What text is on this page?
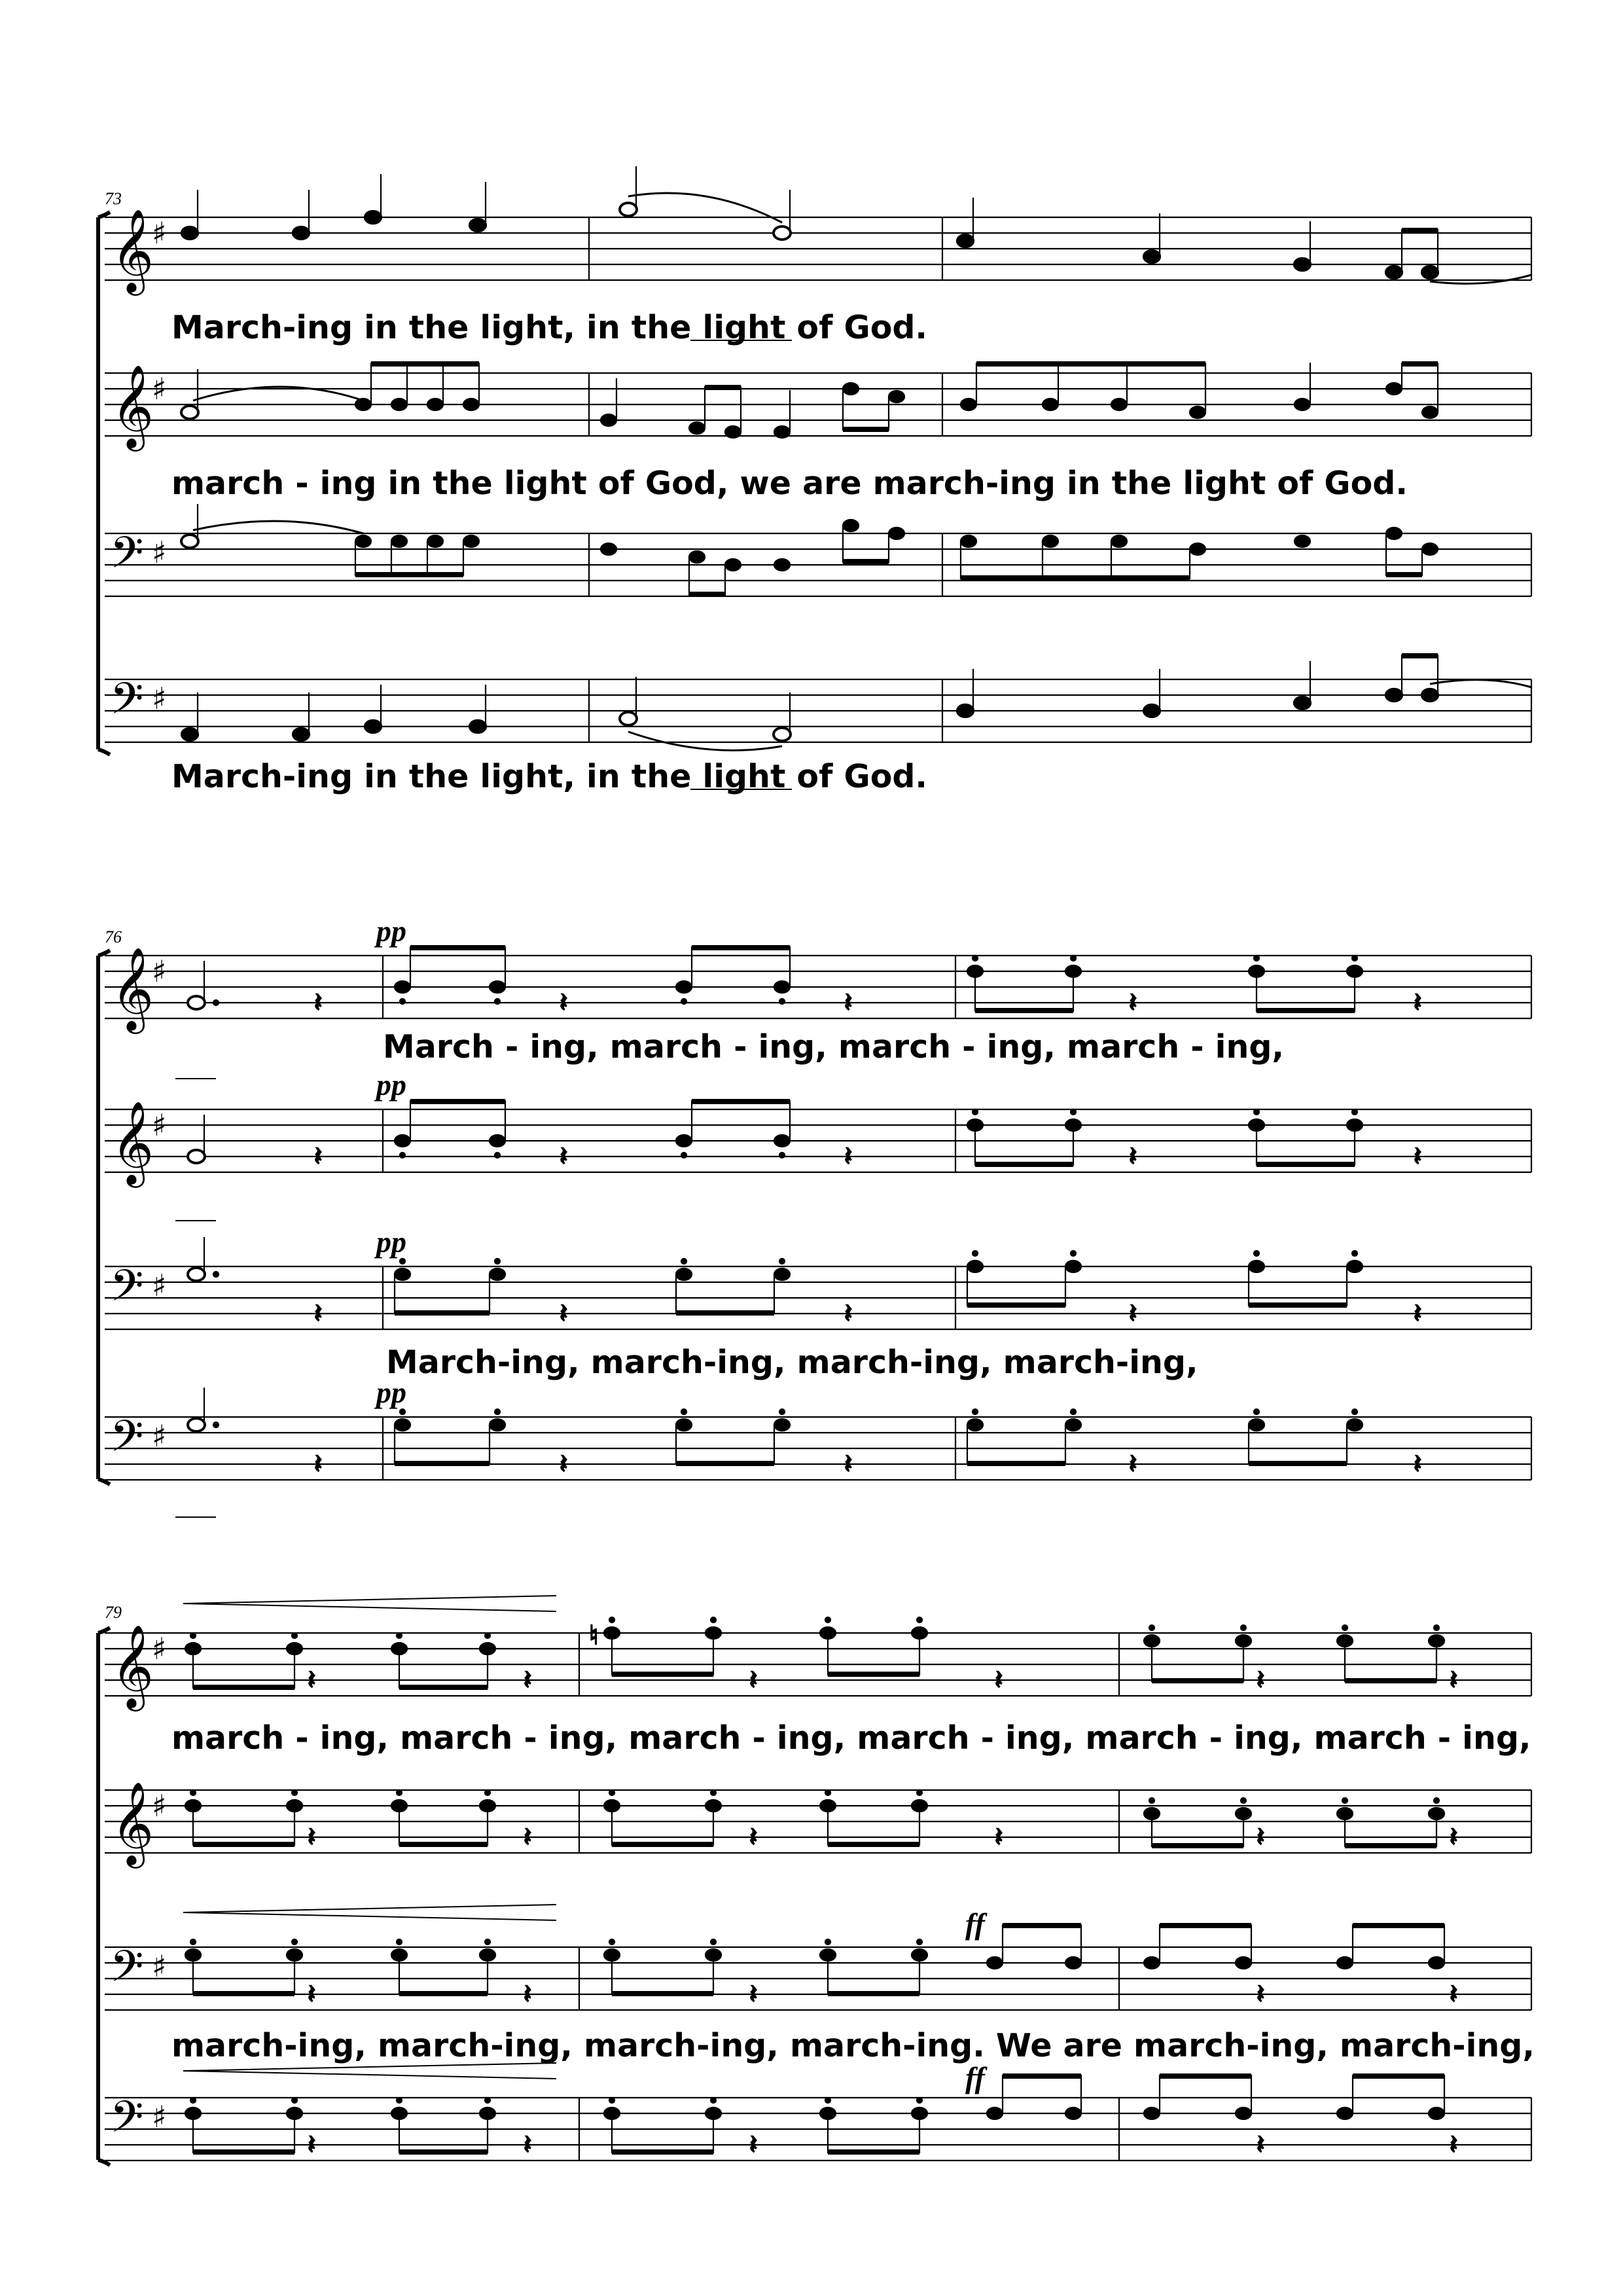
73
𝄞
♯
March-ing in the light, in the light of God.
𝄞
♯
march - ing in the light of God, we are march-ing in the light of God.
𝄢 ♯
𝄢 ♯
March-ing in the light, in the light of God.
76
𝄞
♯
pp
𝄽	𝄽	𝄽	𝄽	𝄽
March - ing, march - ing, march - ing, march - ing,
𝄞
♯
pp
𝄽	𝄽	𝄽	𝄽	𝄽
𝄢 ♯
pp
𝄽	𝄽	𝄽	𝄽	𝄽
March-ing, march-ing, march-ing, march-ing,
𝄢 ♯
pp
𝄽	𝄽	𝄽	𝄽	𝄽
79
𝄞
♯
𝄽	𝄽
♮
𝄽	𝄽	𝄽	𝄽
march - ing, march - ing, march - ing, march - ing, march - ing, march - ing,
𝄞
♯
𝄽	𝄽	𝄽	𝄽	𝄽	𝄽
𝄢 ♯
ff
𝄽	𝄽	𝄽	𝄽	𝄽
march-ing, march-ing, march-ing, march-ing. We are march-ing, march-ing,
𝄢 ♯
ff
𝄽	𝄽	𝄽	𝄽	𝄽
